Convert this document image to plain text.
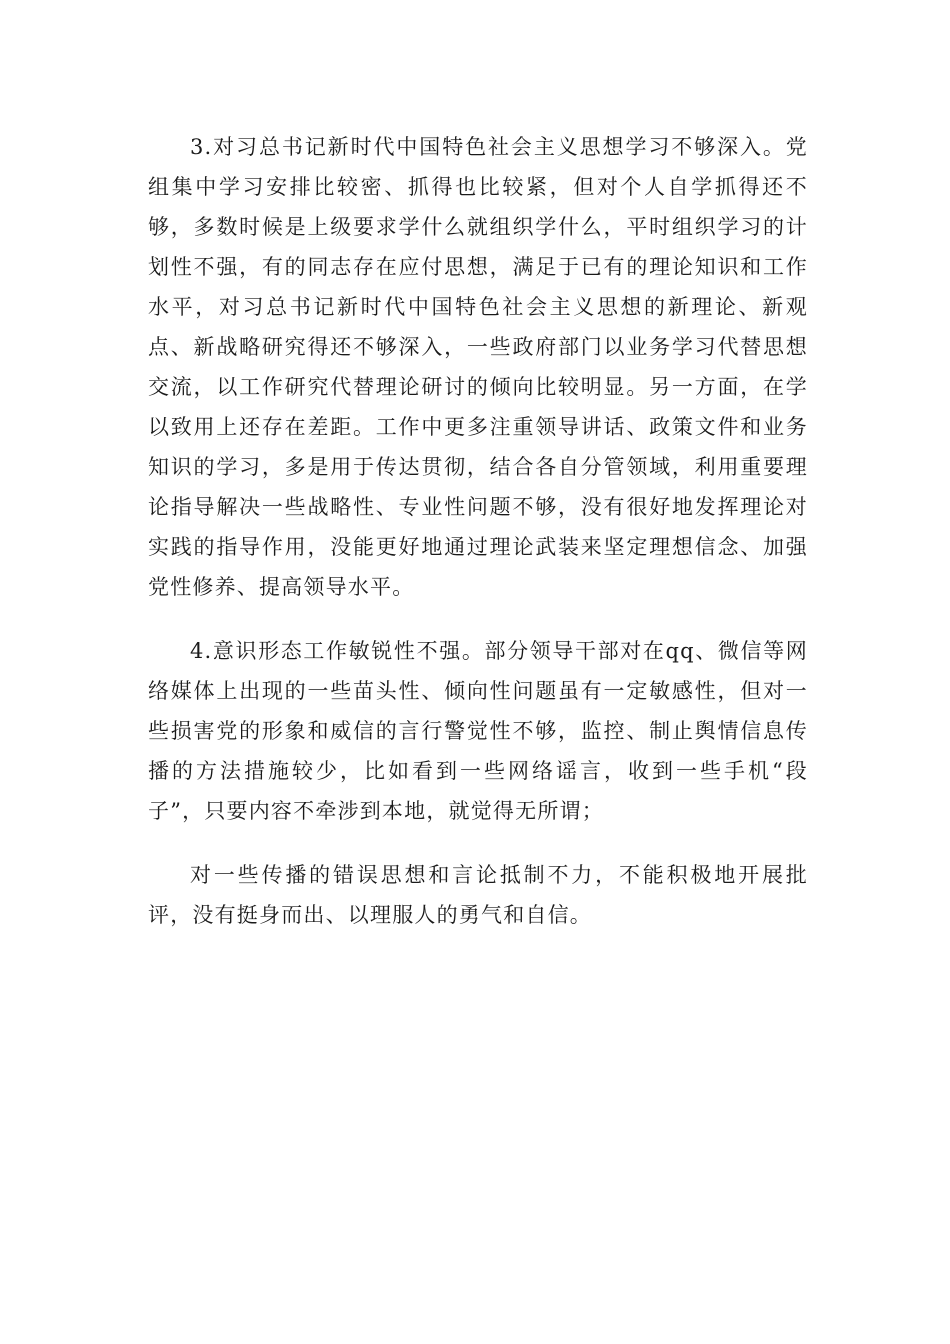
3.对习总书记新时代中国特色社会主义思想学习不够深入。党组集中学习安排比较密、抓得也比较紧，但对个人自学抓得还不够，多数时候是上级要求学什么就组织学什么，平时组织学习的计划性不强，有的同志存在应付思想，满足于已有的理论知识和工作水平，对习总书记新时代中国特色社会主义思想的新理论、新观点、新战略研究得还不够深入，一些政府部门以业务学习代替思想交流，以工作研究代替理论研讨的倾向比较明显。另一方面，在学以致用上还存在差距。工作中更多注重领导讲话、政策文件和业务知识的学习，多是用于传达贯彻，结合各自分管领域，利用重要理论指导解决一些战略性、专业性问题不够，没有很好地发挥理论对实践的指导作用，没能更好地通过理论武装来坚定理想信念、加强党性修养、提高领导水平。

4.意识形态工作敏锐性不强。部分领导干部对在qq、微信等网络媒体上出现的一些苗头性、倾向性问题虽有一定敏感性，但对一些损害党的形象和威信的言行警觉性不够，监控、制止舆情信息传播的方法措施较少，比如看到一些网络谣言，收到一些手机“段子”，只要内容不牵涉到本地，就觉得无所谓；

对一些传播的错误思想和言论抵制不力，不能积极地开展批评，没有挺身而出、以理服人的勇气和自信。
